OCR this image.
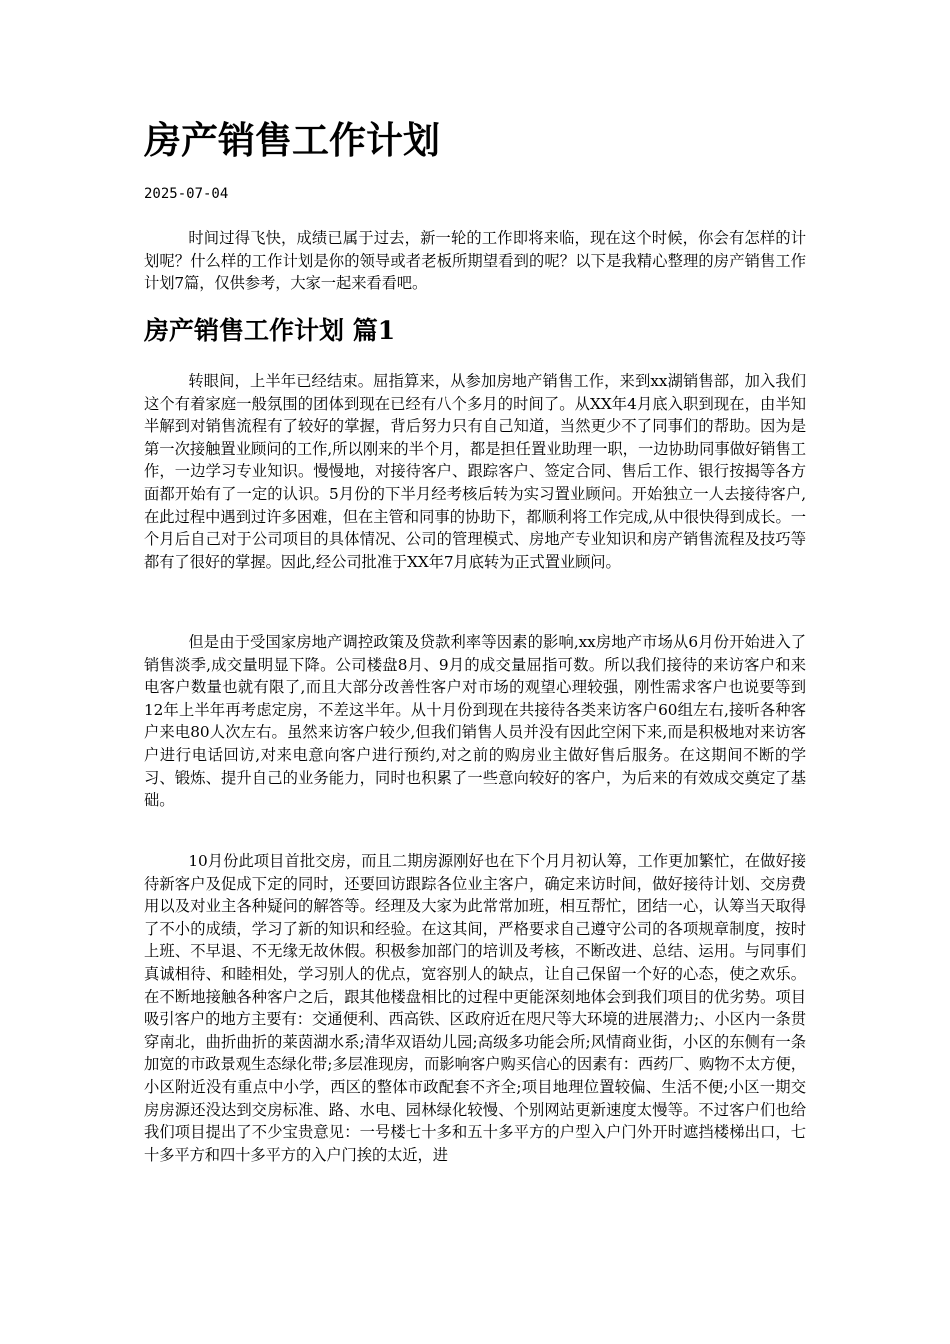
房产销售工作计划
2025-07-04

时间过得飞快，成绩已属于过去，新一轮的工作即将来临，现在这个时候，你会有怎样的计划呢？什么样的工作计划是你的领导或者老板所期望看到的呢？以下是我精心整理的房产销售工作计划7篇，仅供参考，大家一起来看看吧。

房产销售工作计划 篇1

转眼间，上半年已经结束。屈指算来，从参加房地产销售工作，来到xx湖销售部，加入我们这个有着家庭一般氛围的团体到现在已经有八个多月的时间了。从XX年4月底入职到现在，由半知半解到对销售流程有了较好的掌握，背后努力只有自己知道，当然更少不了同事们的帮助。因为是第一次接触置业顾问的工作,所以刚来的半个月，都是担任置业助理一职，一边协助同事做好销售工作，一边学习专业知识。慢慢地，对接待客户、跟踪客户、签定合同、售后工作、银行按揭等各方面都开始有了一定的认识。5月份的下半月经考核后转为实习置业顾问。开始独立一人去接待客户,在此过程中遇到过许多困难，但在主管和同事的协助下，都顺利将工作完成,从中很快得到成长。一个月后自己对于公司项目的具体情况、公司的管理模式、房地产专业知识和房产销售流程及技巧等都有了很好的掌握。因此,经公司批准于XX年7月底转为正式置业顾问。

但是由于受国家房地产调控政策及贷款利率等因素的影响,xx房地产市场从6月份开始进入了销售淡季,成交量明显下降。公司楼盘8月、9月的成交量屈指可数。所以我们接待的来访客户和来电客户数量也就有限了,而且大部分改善性客户对市场的观望心理较强，刚性需求客户也说要等到12年上半年再考虑定房，不差这半年。从十月份到现在共接待各类来访客户60组左右,接听各种客户来电80人次左右。虽然来访客户较少,但我们销售人员并没有因此空闲下来,而是积极地对来访客户进行电话回访,对来电意向客户进行预约,对之前的购房业主做好售后服务。在这期间不断的学习、锻炼、提升自己的业务能力，同时也积累了一些意向较好的客户，为后来的有效成交奠定了基础。

10月份此项目首批交房，而且二期房源刚好也在下个月月初认筹，工作更加繁忙，在做好接待新客户及促成下定的同时，还要回访跟踪各位业主客户，确定来访时间，做好接待计划、交房费用以及对业主各种疑问的解答等。经理及大家为此常常加班，相互帮忙，团结一心，认筹当天取得了不小的成绩，学习了新的知识和经验。在这其间，严格要求自己遵守公司的各项规章制度，按时上班、不早退、不无缘无故休假。积极参加部门的培训及考核，不断改进、总结、运用。与同事们真诚相待、和睦相处，学习别人的优点，宽容别人的缺点，让自己保留一个好的心态，使之欢乐。在不断地接触各种客户之后，跟其他楼盘相比的过程中更能深刻地体会到我们项目的优劣势。项目吸引客户的地方主要有：交通便利、西高铁、区政府近在咫尺等大环境的进展潜力;、小区内一条贯穿南北，曲折曲折的莱茵湖水系;清华双语幼儿园;高级多功能会所;风情商业街，小区的东侧有一条加宽的市政景观生态绿化带;多层准现房，而影响客户购买信心的因素有：西药厂、购物不太方便，小区附近没有重点中小学，西区的整体市政配套不齐全;项目地理位置较偏、生活不便;小区一期交房房源还没达到交房标准、路、水电、园林绿化较慢、个别网站更新速度太慢等。不过客户们也给我们项目提出了不少宝贵意见：一号楼七十多和五十多平方的户型入户门外开时遮挡楼梯出口，七十多平方和四十多平方的入户门挨的太近，进
